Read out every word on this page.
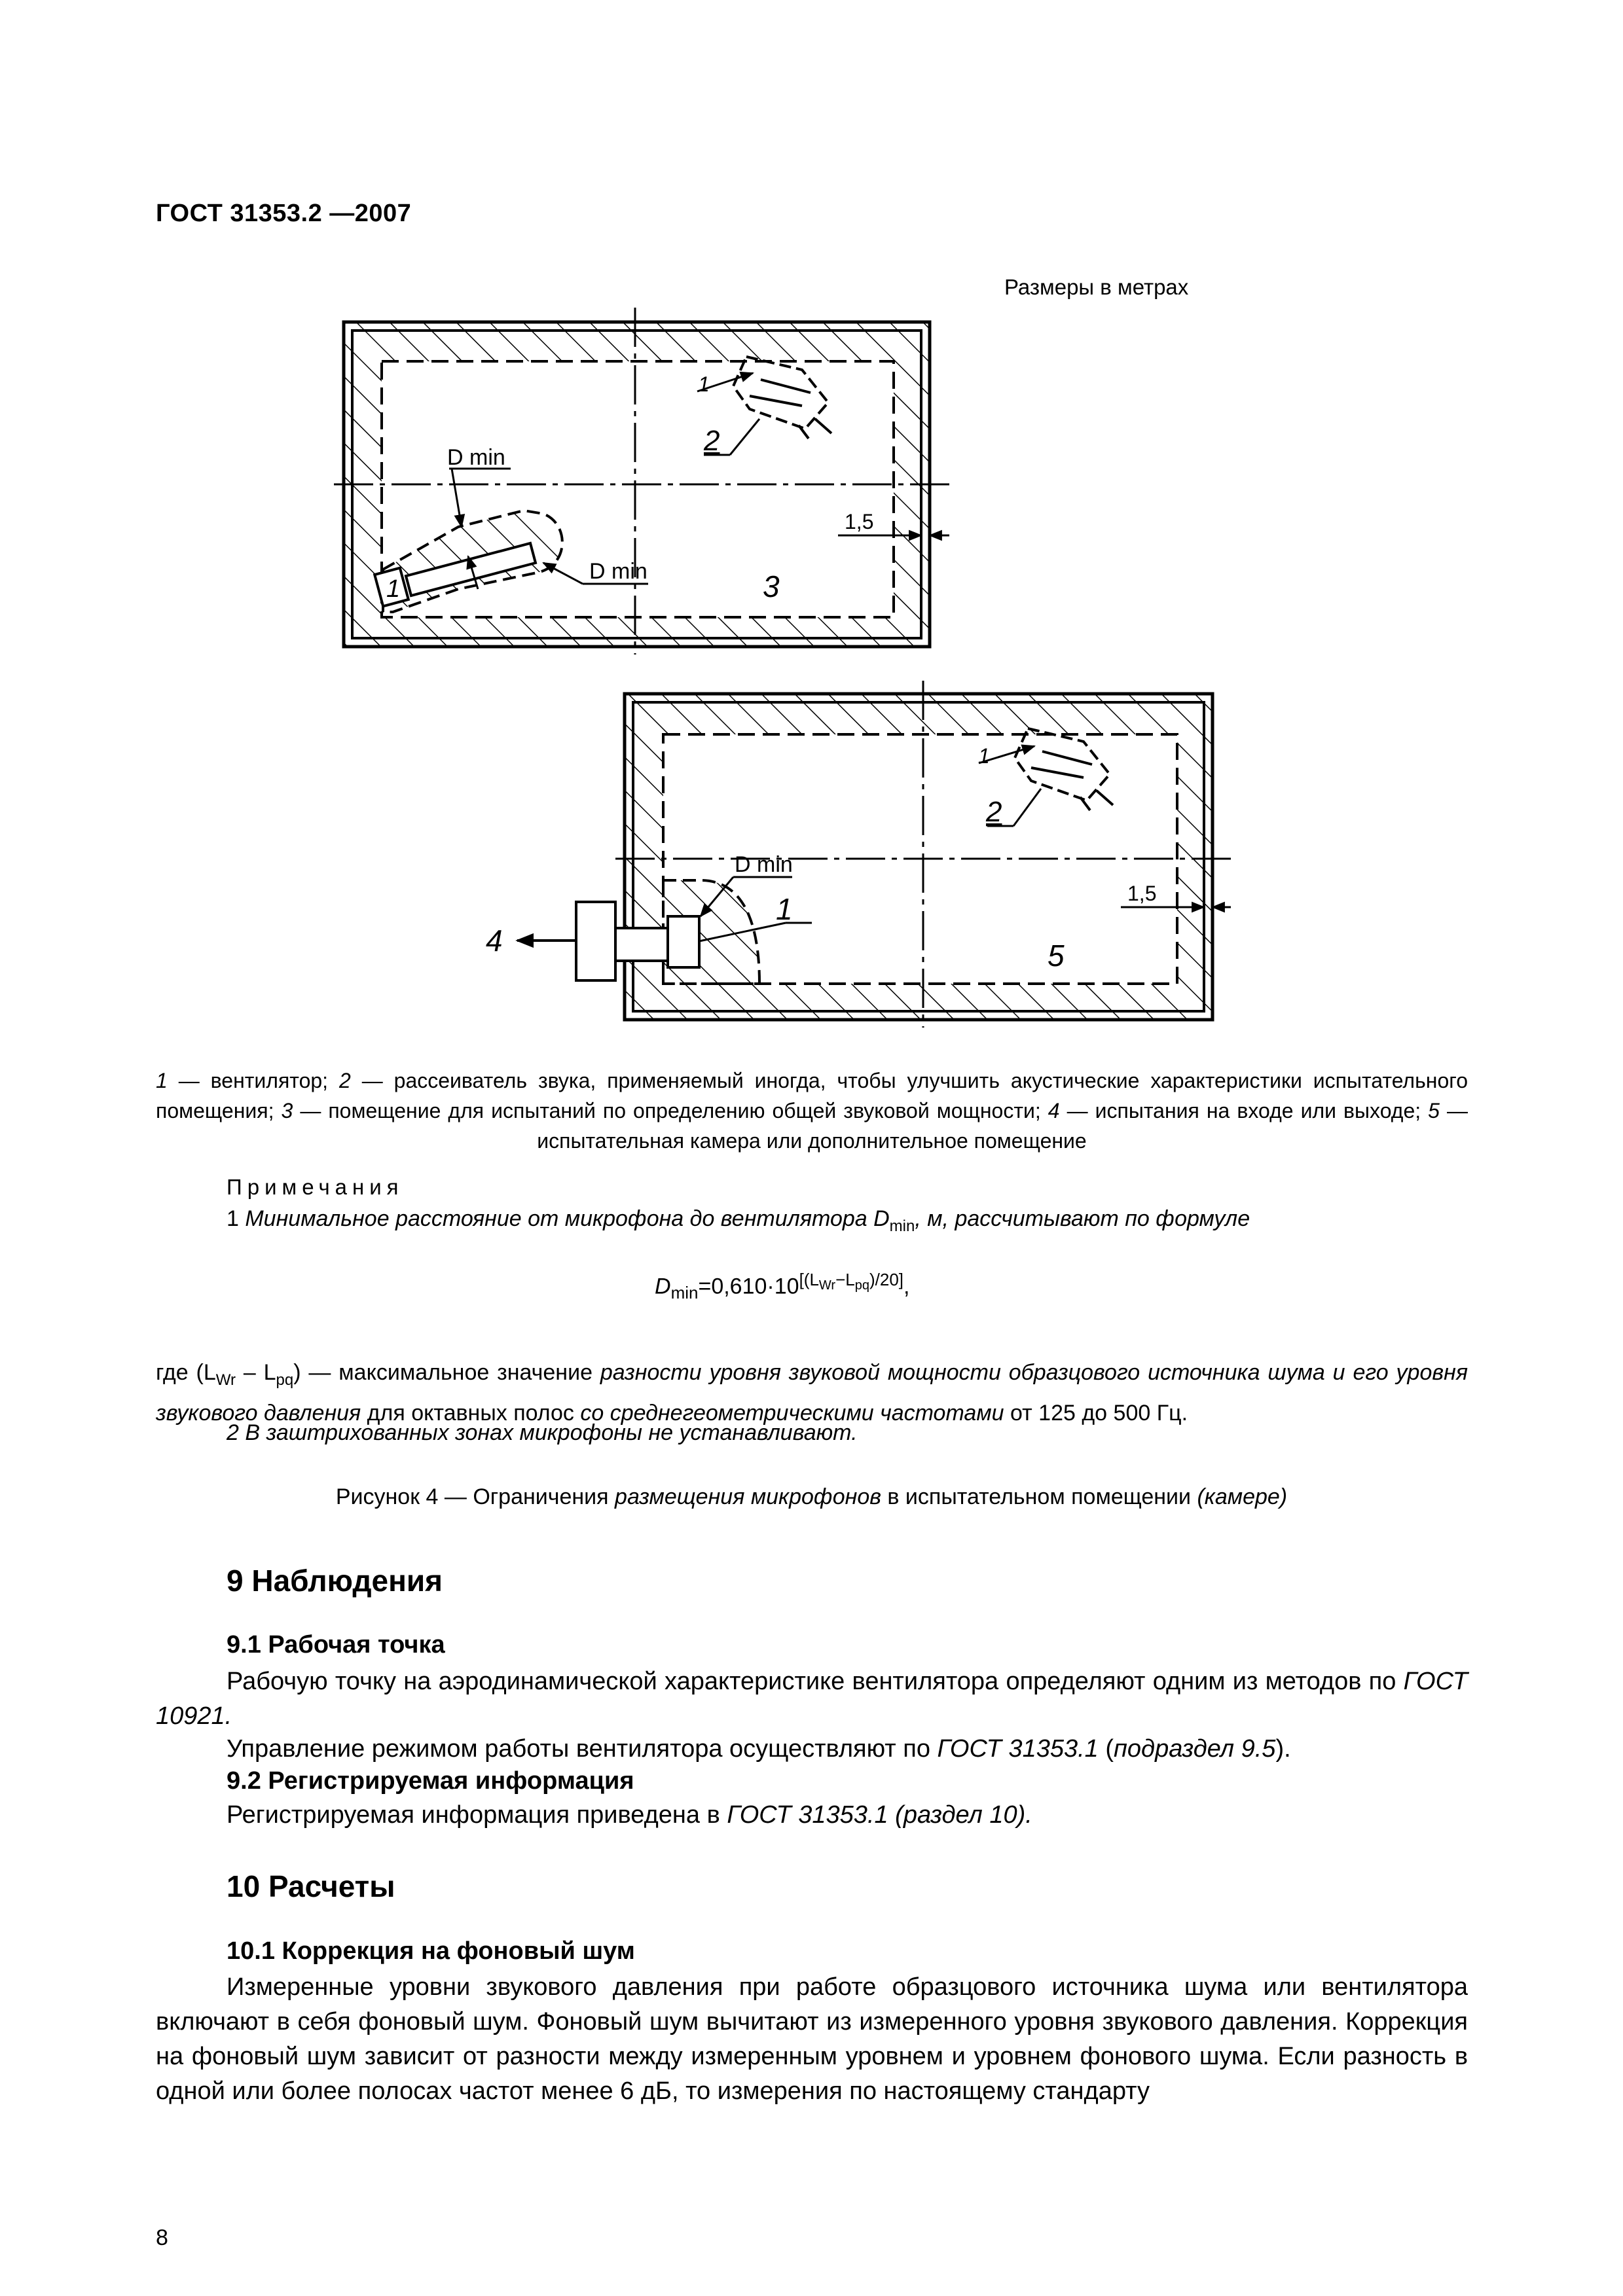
ГОСТ 31353.2 —2007
Размеры в метрах
D min
D min
1,5
1
2
3
1
D min
1,5
1
2
1
4	5
1 — вентилятор; 2 — рассеиватель звука, применяемый иногда, чтобы улучшить акустические характеристики испытательного помещения; 3 — помещение для испытаний по определению общей звуковой мощности; 4 — испытания на входе или выходе; 5 — испытательная камера или дополнительное помещение
Примечания
1 Минимальное расстояние от микрофона до вентилятора $D_{min}$, м, рассчитывают по формуле
$D_{min}=0,610\cdot 10[(LWr-Lpq)/20]$,
где $(L_{Wr} - L_{pq})$ — максимальное значение разности уровня звуковой мощности образцового источника шума и его уровня звукового давления для октавных полос со среднегеометрическими частотами от 125 до 500 Гц.
2 В заштрихованных зонах микрофоны не устанавливают.
Рисунок 4 — Ограничения размещения микрофонов в испытательном помещении (камере)
9 Наблюдения
9.1 Рабочая точка
Рабочую точку на аэродинамической характеристике вентилятора определяют одним из методов по ГОСТ 10921.
Управление режимом работы вентилятора осуществляют по ГОСТ 31353.1 (подраздел 9.5).
9.2 Регистрируемая информация
Регистрируемая информация приведена в ГОСТ 31353.1 (раздел 10).
10 Расчеты
10.1 Коррекция на фоновый шум
Измеренные уровни звукового давления при работе образцового источника шума или вентилятора включают в себя фоновый шум. Фоновый шум вычитают из измеренного уровня звукового давления. Коррекция на фоновый шум зависит от разности между измеренным уровнем и уровнем фонового шума. Если разность в одной или более полосах частот менее 6 дБ, то измерения по настоящему стандарту
8
